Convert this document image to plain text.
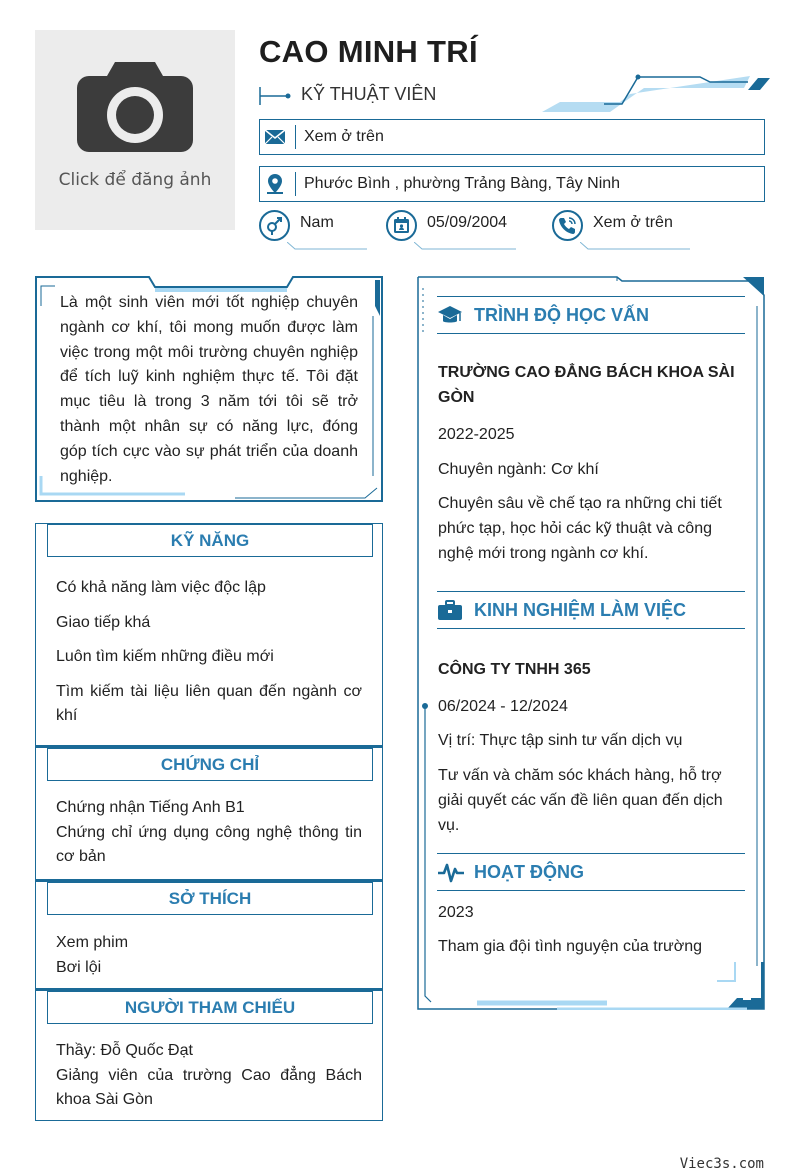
Click để đăng ảnh
CAO MINH TRÍ
KỸ THUẬT VIÊN
Xem ở trên
Phước Bình , phường Trảng Bàng, Tây Ninh
Nam	05/09/2004	Xem ở trên
Là một sinh viên mới tốt nghiệp chuyên ngành cơ khí, tôi mong muốn được làm việc trong một môi trường chuyên nghiệp để tích luỹ kinh nghiệm thực tế. Tôi đặt mục tiêu là trong 3 năm tới tôi sẽ trở thành một nhân sự có năng lực, đóng góp tích cực vào sự phát triển của doanh nghiệp.
KỸ NĂNG
Có khả năng làm việc độc lập
Giao tiếp khá
Luôn tìm kiếm những điều mới
Tìm kiếm tài liệu liên quan đến ngành cơ khí
CHỨNG CHỈ
Chứng nhận Tiếng Anh B1
Chứng chỉ ứng dụng công nghệ thông tin cơ bản
SỞ THÍCH
Xem phim
Bơi lội
NGƯỜI THAM CHIẾU
Thầy: Đỗ Quốc Đạt
Giảng viên của trường Cao đẳng Bách khoa Sài Gòn
TRÌNH ĐỘ HỌC VẤN
TRƯỜNG CAO ĐẲNG BÁCH KHOA SÀI GÒN
2022-2025
Chuyên ngành: Cơ khí
Chuyên sâu về chế tạo ra những chi tiết phức tạp, học hỏi các kỹ thuật và công nghệ mới trong ngành cơ khí.
KINH NGHIỆM LÀM VIỆC
CÔNG TY TNHH 365
06/2024 - 12/2024
Vị trí: Thực tập sinh tư vấn dịch vụ
Tư vấn và chăm sóc khách hàng, hỗ trợ giải quyết các vấn đề liên quan đến dịch vụ.
HOẠT ĐỘNG
2023
Tham gia đội tình nguyện của trường
Viec3s.com
